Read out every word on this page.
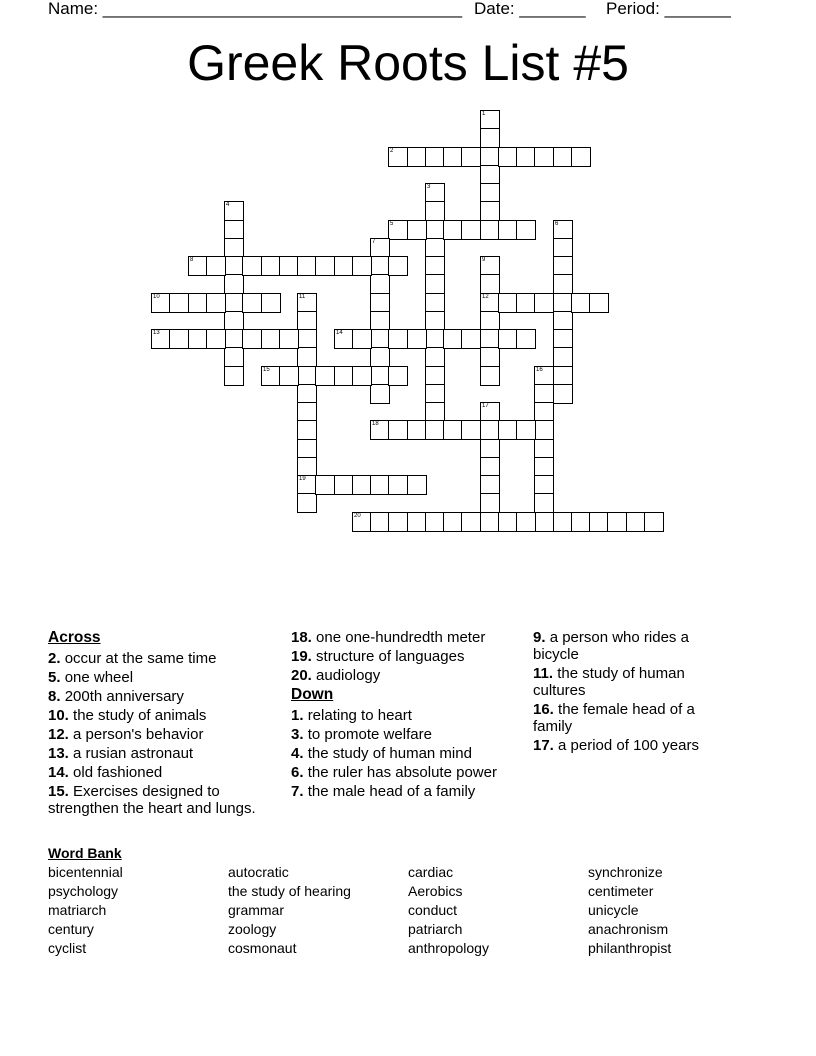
Name: ______________________________________ Date: _______ Period: _______
Greek Roots List #5
1
2
3
4
5	6
7
8	9
12
10	11
19
13	14
15	16
17
18
20
Across
2. occur at the same time
5. one wheel
8. 200th anniversary
10. the study of animals
12. a person's behavior
13. a rusian astronaut
14. old fashioned
15. Exercises designed to strengthen the heart and lungs.
18. one one-hundredth meter
19. structure of languages
20. audiology
Down
1. relating to heart
3. to promote welfare
4. the study of human mind
6. the ruler has absolute power
7. the male head of a family
9. a person who rides a bicycle
11. the study of human cultures
16. the female head of a family
17. a period of 100 years
Word Bank
bicentennial
psychology
matriarch
century
cyclist
autocratic
the study of hearing
grammar
zoology
cosmonaut
cardiac
Aerobics
conduct
patriarch
anthropology
synchronize
centimeter
unicycle
anachronism
philanthropist
